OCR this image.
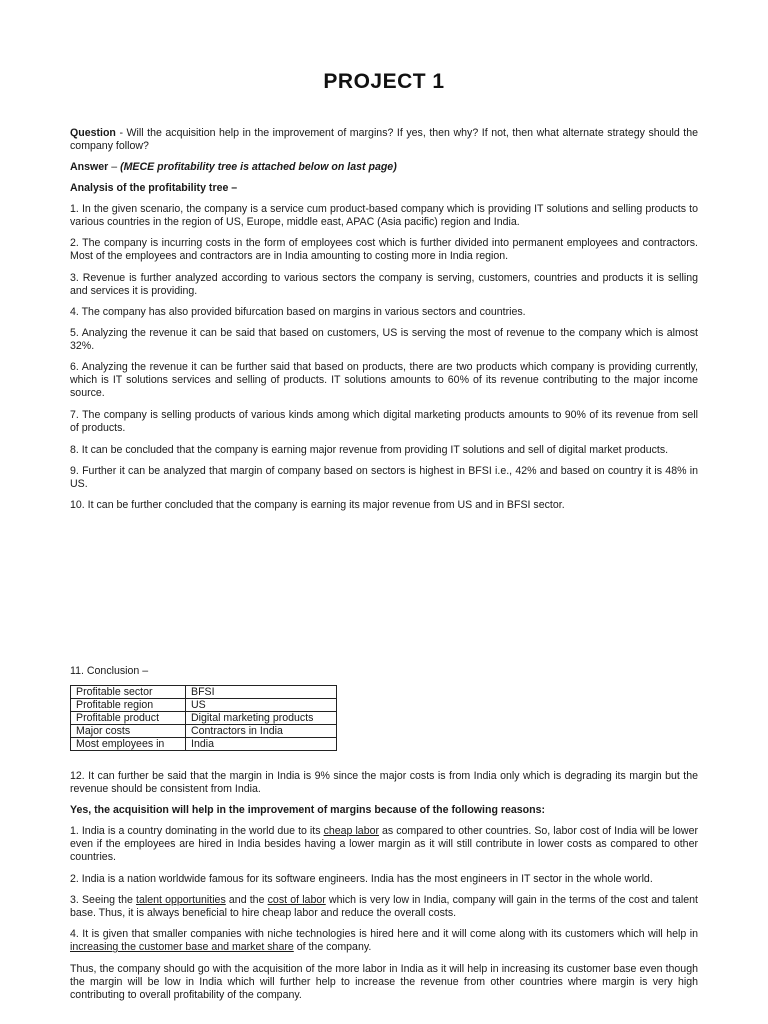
PROJECT 1
Question - Will the acquisition help in the improvement of margins? If yes, then why? If not, then what alternate strategy should the company follow?
Answer – (MECE profitability tree is attached below on last page)
Analysis of the profitability tree –
1. In the given scenario, the company is a service cum product-based company which is providing IT solutions and selling products to various countries in the region of US, Europe, middle east, APAC (Asia pacific) region and India.
2. The company is incurring costs in the form of employees cost which is further divided into permanent employees and contractors. Most of the employees and contractors are in India amounting to costing more in India region.
3. Revenue is further analyzed according to various sectors the company is serving, customers, countries and products it is selling and services it is providing.
4. The company has also provided bifurcation based on margins in various sectors and countries.
5. Analyzing the revenue it can be said that based on customers, US is serving the most of revenue to the company which is almost 32%.
6. Analyzing the revenue it can be further said that based on products, there are two products which company is providing currently, which is IT solutions services and selling of products. IT solutions amounts to 60% of its revenue contributing to the major income source.
7. The company is selling products of various kinds among which digital marketing products amounts to 90% of its revenue from sell of products.
8. It can be concluded that the company is earning major revenue from providing IT solutions and sell of digital market products.
9. Further it can be analyzed that margin of company based on sectors is highest in BFSI i.e., 42% and based on country it is 48% in US.
10. It can be further concluded that the company is earning its major revenue from US and in BFSI sector.
11. Conclusion –
Profitable sector	BFSI
Profitable region	US
Profitable product	Digital marketing products
Major costs	Contractors in India
Most employees in	India
12. It can further be said that the margin in India is 9% since the major costs is from India only which is degrading its margin but the revenue should be consistent from India.
Yes, the acquisition will help in the improvement of margins because of the following reasons:
1. India is a country dominating in the world due to its cheap labor as compared to other countries. So, labor cost of India will be lower even if the employees are hired in India besides having a lower margin as it will still contribute in lower costs as compared to other countries.
2. India is a nation worldwide famous for its software engineers. India has the most engineers in IT sector in the whole world.
3. Seeing the talent opportunities and the cost of labor which is very low in India, company will gain in the terms of the cost and talent base. Thus, it is always beneficial to hire cheap labor and reduce the overall costs.
4. It is given that smaller companies with niche technologies is hired here and it will come along with its customers which will help in increasing the customer base and market share of the company.
Thus, the company should go with the acquisition of the more labor in India as it will help in increasing its customer base even though the margin will be low in India which will further help to increase the revenue from other countries where margin is very high contributing to overall profitability of the company.
